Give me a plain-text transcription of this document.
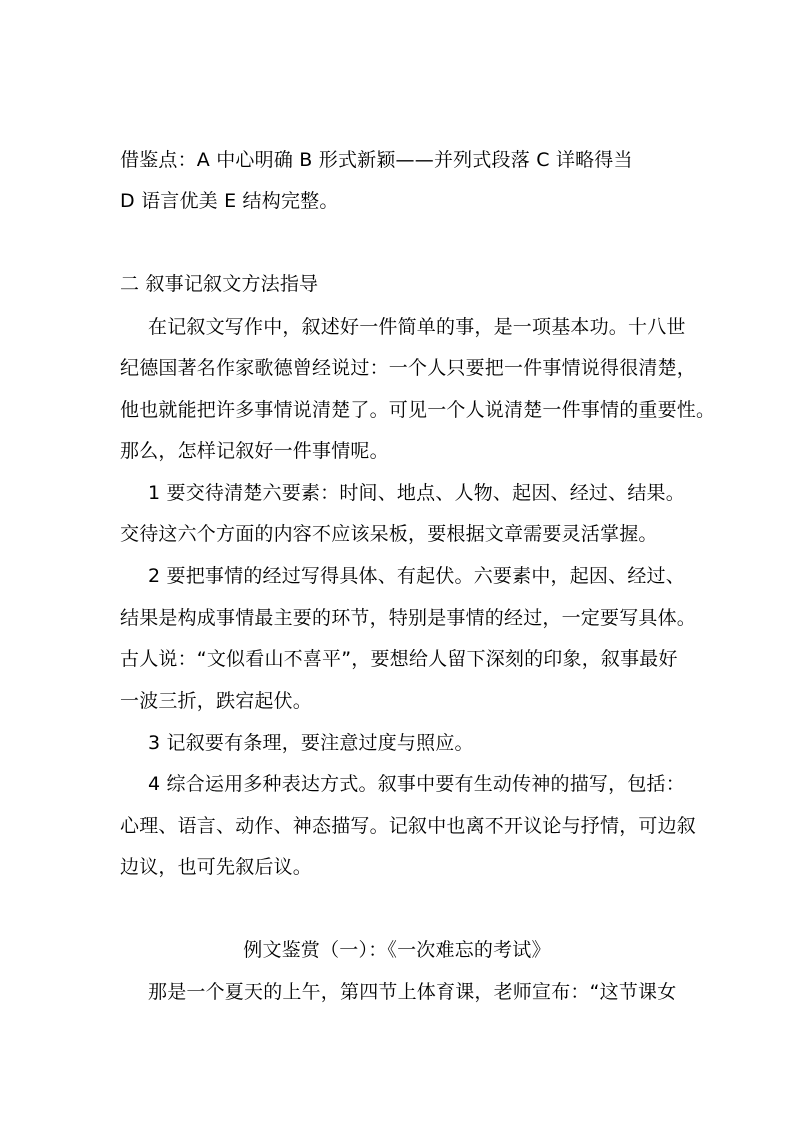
借鉴点：A 中心明确 B 形式新颖——并列式段落 C 详略得当
D 语言优美 E 结构完整。
二 叙事记叙文方法指导
在记叙文写作中，叙述好一件简单的事，是一项基本功。十八世
纪德国著名作家歌德曾经说过：一个人只要把一件事情说得很清楚，
他也就能把许多事情说清楚了。可见一个人说清楚一件事情的重要性。
那么，怎样记叙好一件事情呢。
1 要交待清楚六要素：时间、地点、人物、起因、经过、结果。
交待这六个方面的内容不应该呆板，要根据文章需要灵活掌握。
2 要把事情的经过写得具体、有起伏。六要素中，起因、经过、
结果是构成事情最主要的环节，特别是事情的经过，一定要写具体。
古人说：“文似看山不喜平”，要想给人留下深刻的印象，叙事最好
一波三折，跌宕起伏。
3 记叙要有条理，要注意过度与照应。
4 综合运用多种表达方式。叙事中要有生动传神的描写，包括：
心理、语言、动作、神态描写。记叙中也离不开议论与抒情，可边叙
边议，也可先叙后议。
例文鉴赏（一）：《一次难忘的考试》
那是一个夏天的上午，第四节上体育课，老师宣布：“这节课女
